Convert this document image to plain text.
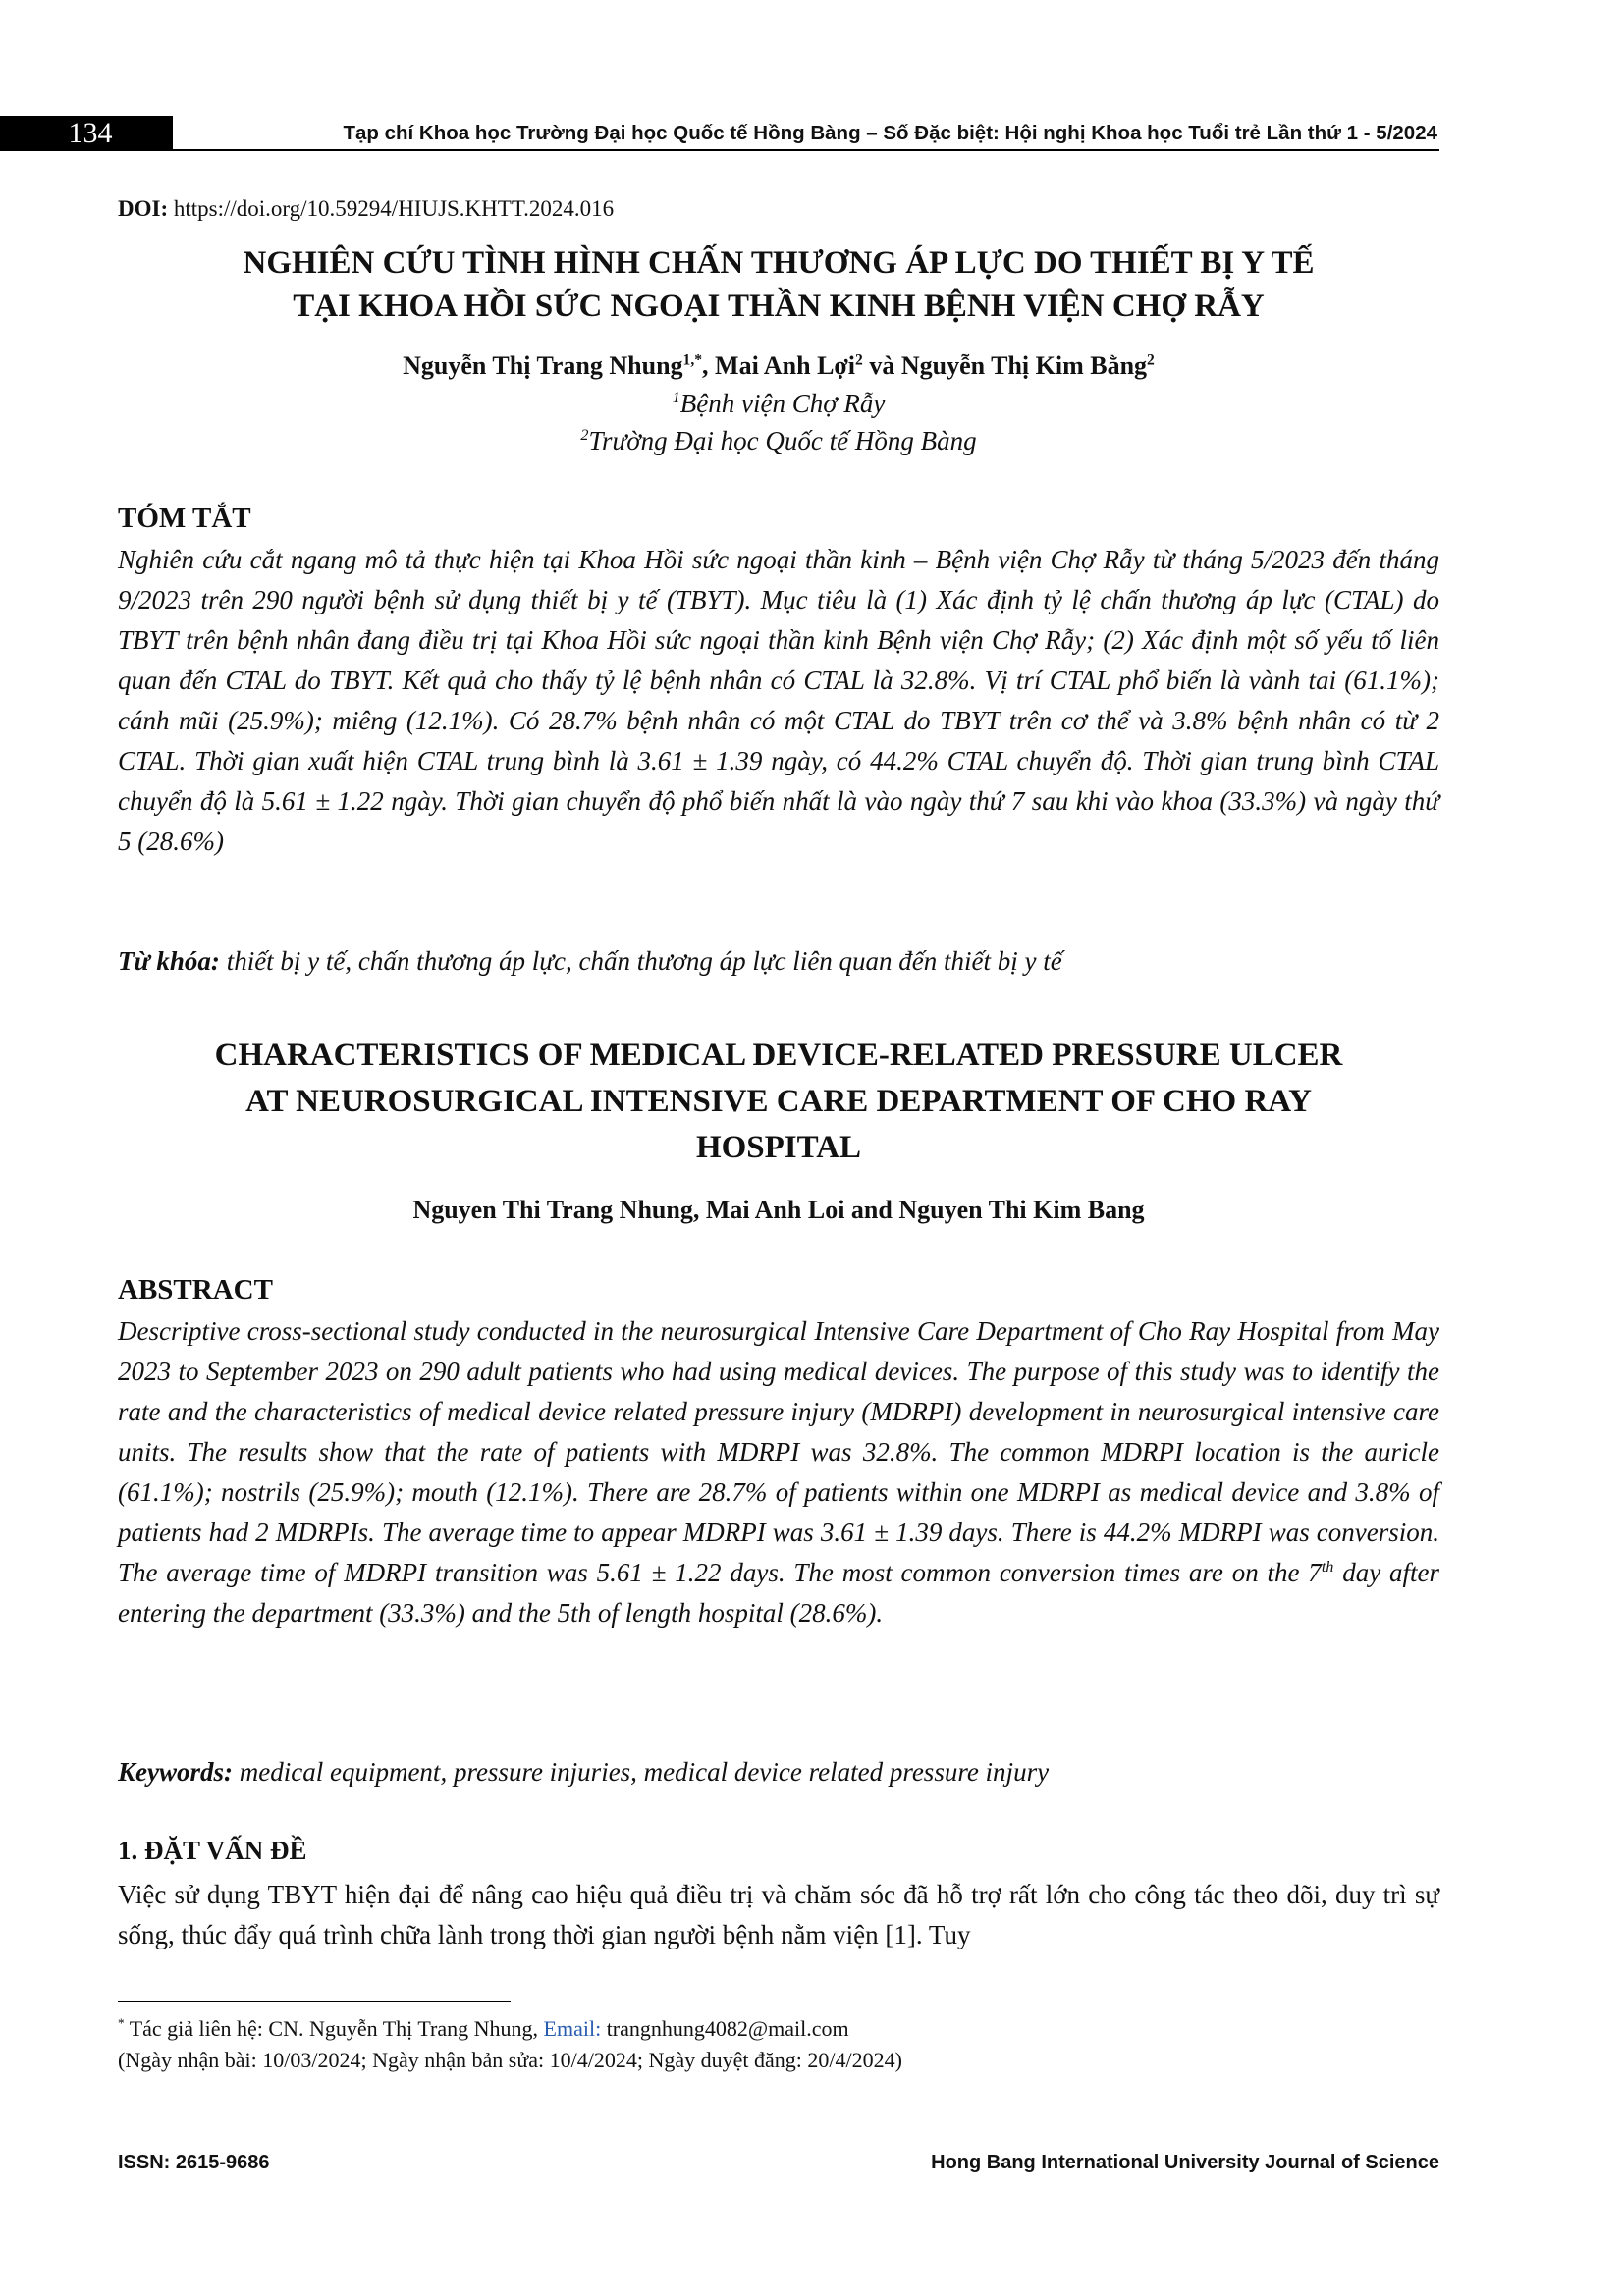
134	Tạp chí Khoa học Trường Đại học Quốc tế Hồng Bàng – Số Đặc biệt: Hội nghị Khoa học Tuổi trẻ Lần thứ 1 - 5/2024
DOI: https://doi.org/10.59294/HIUJS.KHTT.2024.016
NGHIÊN CỨU TÌNH HÌNH CHẤN THƯƠNG ÁP LỰC DO THIẾT BỊ Y TẾ
TẠI KHOA HỒI SỨC NGOẠI THẦN KINH BỆNH VIỆN CHỢ RẪY
Nguyễn Thị Trang Nhung$^{1,*}$, Mai Anh Lợi$^2$ và Nguyễn Thị Kim Bằng$^2$
$^1$Bệnh viện Chợ Rẫy
$^2$Trường Đại học Quốc tế Hồng Bàng
TÓM TẮT

Nghiên cứu cắt ngang mô tả thực hiện tại Khoa Hồi sức ngoại thần kinh – Bệnh viện Chợ Rẫy từ tháng 5/2023 đến tháng 9/2023 trên 290 người bệnh sử dụng thiết bị y tế (TBYT). Mục tiêu là (1) Xác định tỷ lệ chấn thương áp lực (CTAL) do TBYT trên bệnh nhân đang điều trị tại Khoa Hồi sức ngoại thần kinh Bệnh viện Chợ Rẫy; (2) Xác định một số yếu tố liên quan đến CTAL do TBYT. Kết quả cho thấy tỷ lệ bệnh nhân có CTAL là 32.8%. Vị trí CTAL phổ biến là vành tai (61.1%); cánh mũi (25.9%); miêng (12.1%). Có 28.7% bệnh nhân có một CTAL do TBYT trên cơ thể và 3.8% bệnh nhân có từ 2 CTAL. Thời gian xuất hiện CTAL trung bình là 3.61 ± 1.39 ngày, có 44.2% CTAL chuyển độ. Thời gian trung bình CTAL chuyển độ là 5.61 ± 1.22 ngày. Thời gian chuyển độ phổ biến nhất là vào ngày thứ 7 sau khi vào khoa (33.3%) và ngày thứ 5 (28.6%)

Từ khóa: thiết bị y tế, chấn thương áp lực, chấn thương áp lực liên quan đến thiết bị y tế
CHARACTERISTICS OF MEDICAL DEVICE-RELATED PRESSURE ULCER AT NEUROSURGICAL INTENSIVE CARE DEPARTMENT OF CHO RAY HOSPITAL
Nguyen Thi Trang Nhung, Mai Anh Loi and Nguyen Thi Kim Bang
ABSTRACT

Descriptive cross-sectional study conducted in the neurosurgical Intensive Care Department of Cho Ray Hospital from May 2023 to September 2023 on 290 adult patients who had using medical devices. The purpose of this study was to identify the rate and the characteristics of medical device related pressure injury (MDRPI) development in neurosurgical intensive care units. The results show that the rate of patients with MDRPI was 32.8%. The common MDRPI location is the auricle (61.1%); nostrils (25.9%); mouth (12.1%). There are 28.7% of patients within one MDRPI as medical device and 3.8% of patients had 2 MDRPIs. The average time to appear MDRPI was 3.61 ± 1.39 days. There is 44.2% MDRPI was conversion. The average time of MDRPI transition was 5.61 ± 1.22 days. The most common conversion times are on the 7th day after entering the department (33.3%) and the 5th of length hospital (28.6%).

Keywords: medical equipment, pressure injuries, medical device related pressure injury
1. ĐẶT VẤN ĐỀ
Việc sử dụng TBYT hiện đại để nâng cao hiệu quả điều trị và chăm sóc đã hỗ trợ rất lớn cho công tác theo dõi, duy trì sự sống, thúc đẩy quá trình chữa lành trong thời gian người bệnh nằm viện [1]. Tuy
* Tác giả liên hệ: CN. Nguyễn Thị Trang Nhung, Email: trangnhung4082@mail.com
(Ngày nhận bài: 10/03/2024; Ngày nhận bản sửa: 10/4/2024; Ngày duyệt đăng: 20/4/2024)
ISSN: 2615-9686	Hong Bang International University Journal of Science
